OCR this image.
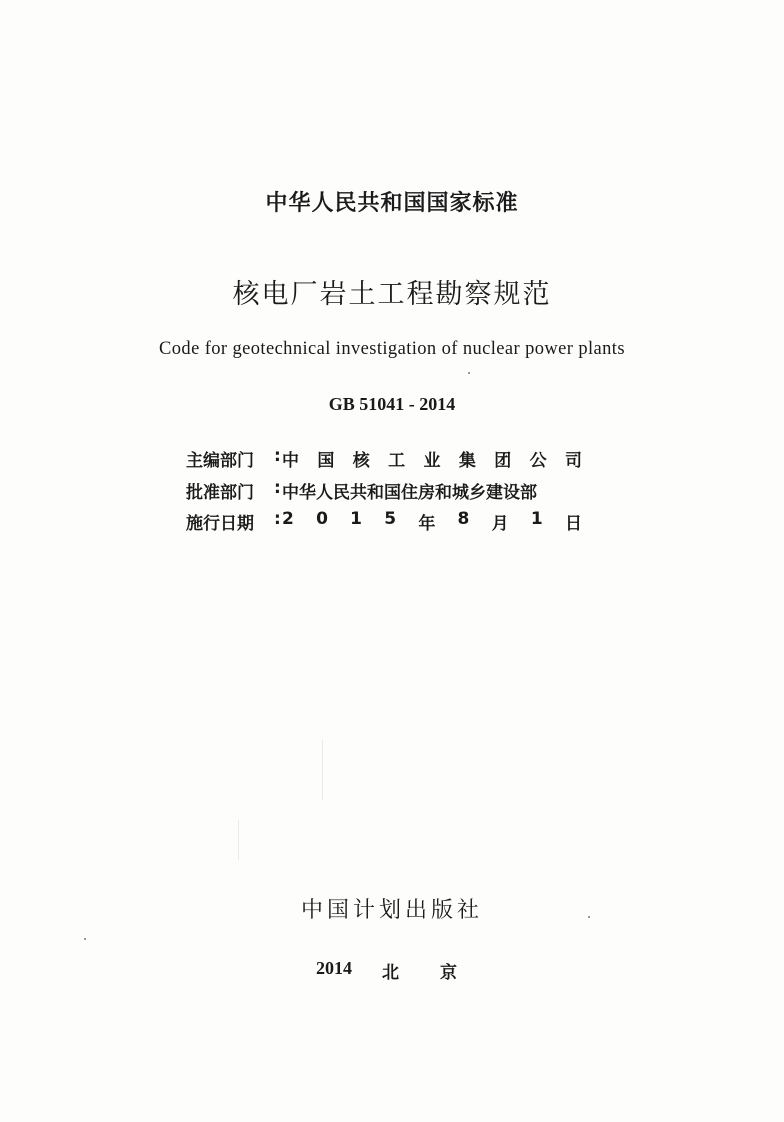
中华人民共和国国家标准
核电厂岩土工程勘察规范
Code for geotechnical investigation of nuclear power plants
GB 51041 - 2014
主编部门 : 中 国 核 工 业 集 团 公 司
批准部门 : 中华人民共和国住房和城乡建设部
施行日期 : 2 0 1 5 年 8 月 1 日
中国计划出版社
2014 北 京
